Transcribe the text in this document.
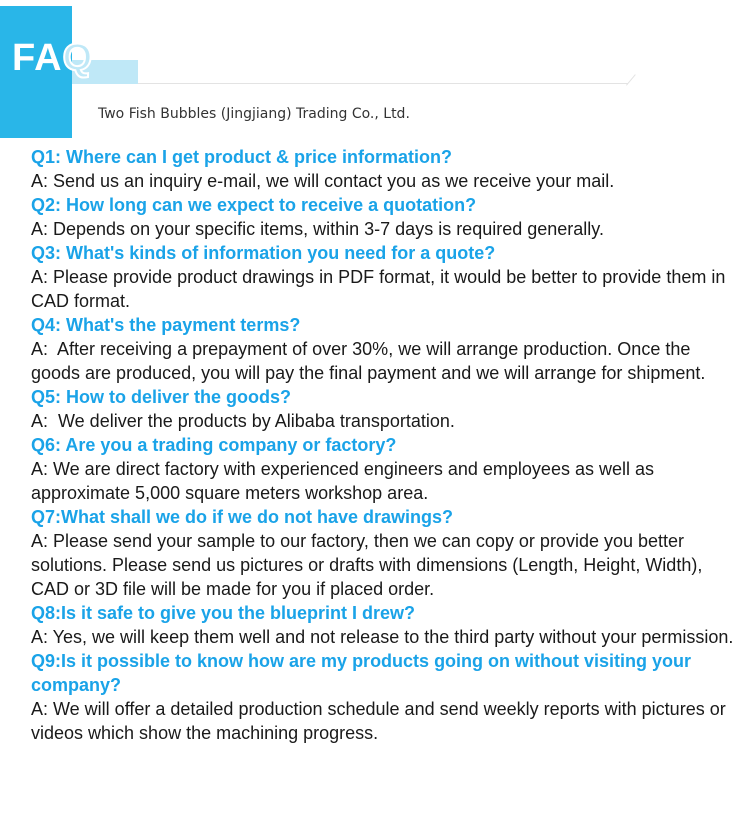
FAQ
Two Fish Bubbles (Jingjiang) Trading Co., Ltd.

Q1: Where can I get product & price information?

A: Send us an inquiry e-mail, we will contact you as we receive your mail.

Q2: How long can we expect to receive a quotation?

A: Depends on your specific items, within 3-7 days is required generally.

Q3: What's kinds of information you need for a quote?

A: Please provide product drawings in PDF format, it would be better to provide them in CAD format.

Q4: What's the payment terms?

A:  After receiving a prepayment of over 30%, we will arrange production. Once the goods are produced, you will pay the final payment and we will arrange for shipment.

Q5: How to deliver the goods?

A:  We deliver the products by Alibaba transportation.

Q6: Are you a trading company or factory?

A: We are direct factory with experienced engineers and employees as well as approximate 5,000 square meters workshop area.

Q7:What shall we do if we do not have drawings?

A: Please send your sample to our factory, then we can copy or provide you better solutions. Please send us pictures or drafts with dimensions (Length, Height, Width), CAD or 3D file will be made for you if placed order.

Q8:Is it safe to give you the blueprint I drew?

A: Yes, we will keep them well and not release to the third party without your permission.

Q9:Is it possible to know how are my products going on without visiting your company?

A: We will offer a detailed production schedule and send weekly reports with pictures or videos which show the machining progress.
